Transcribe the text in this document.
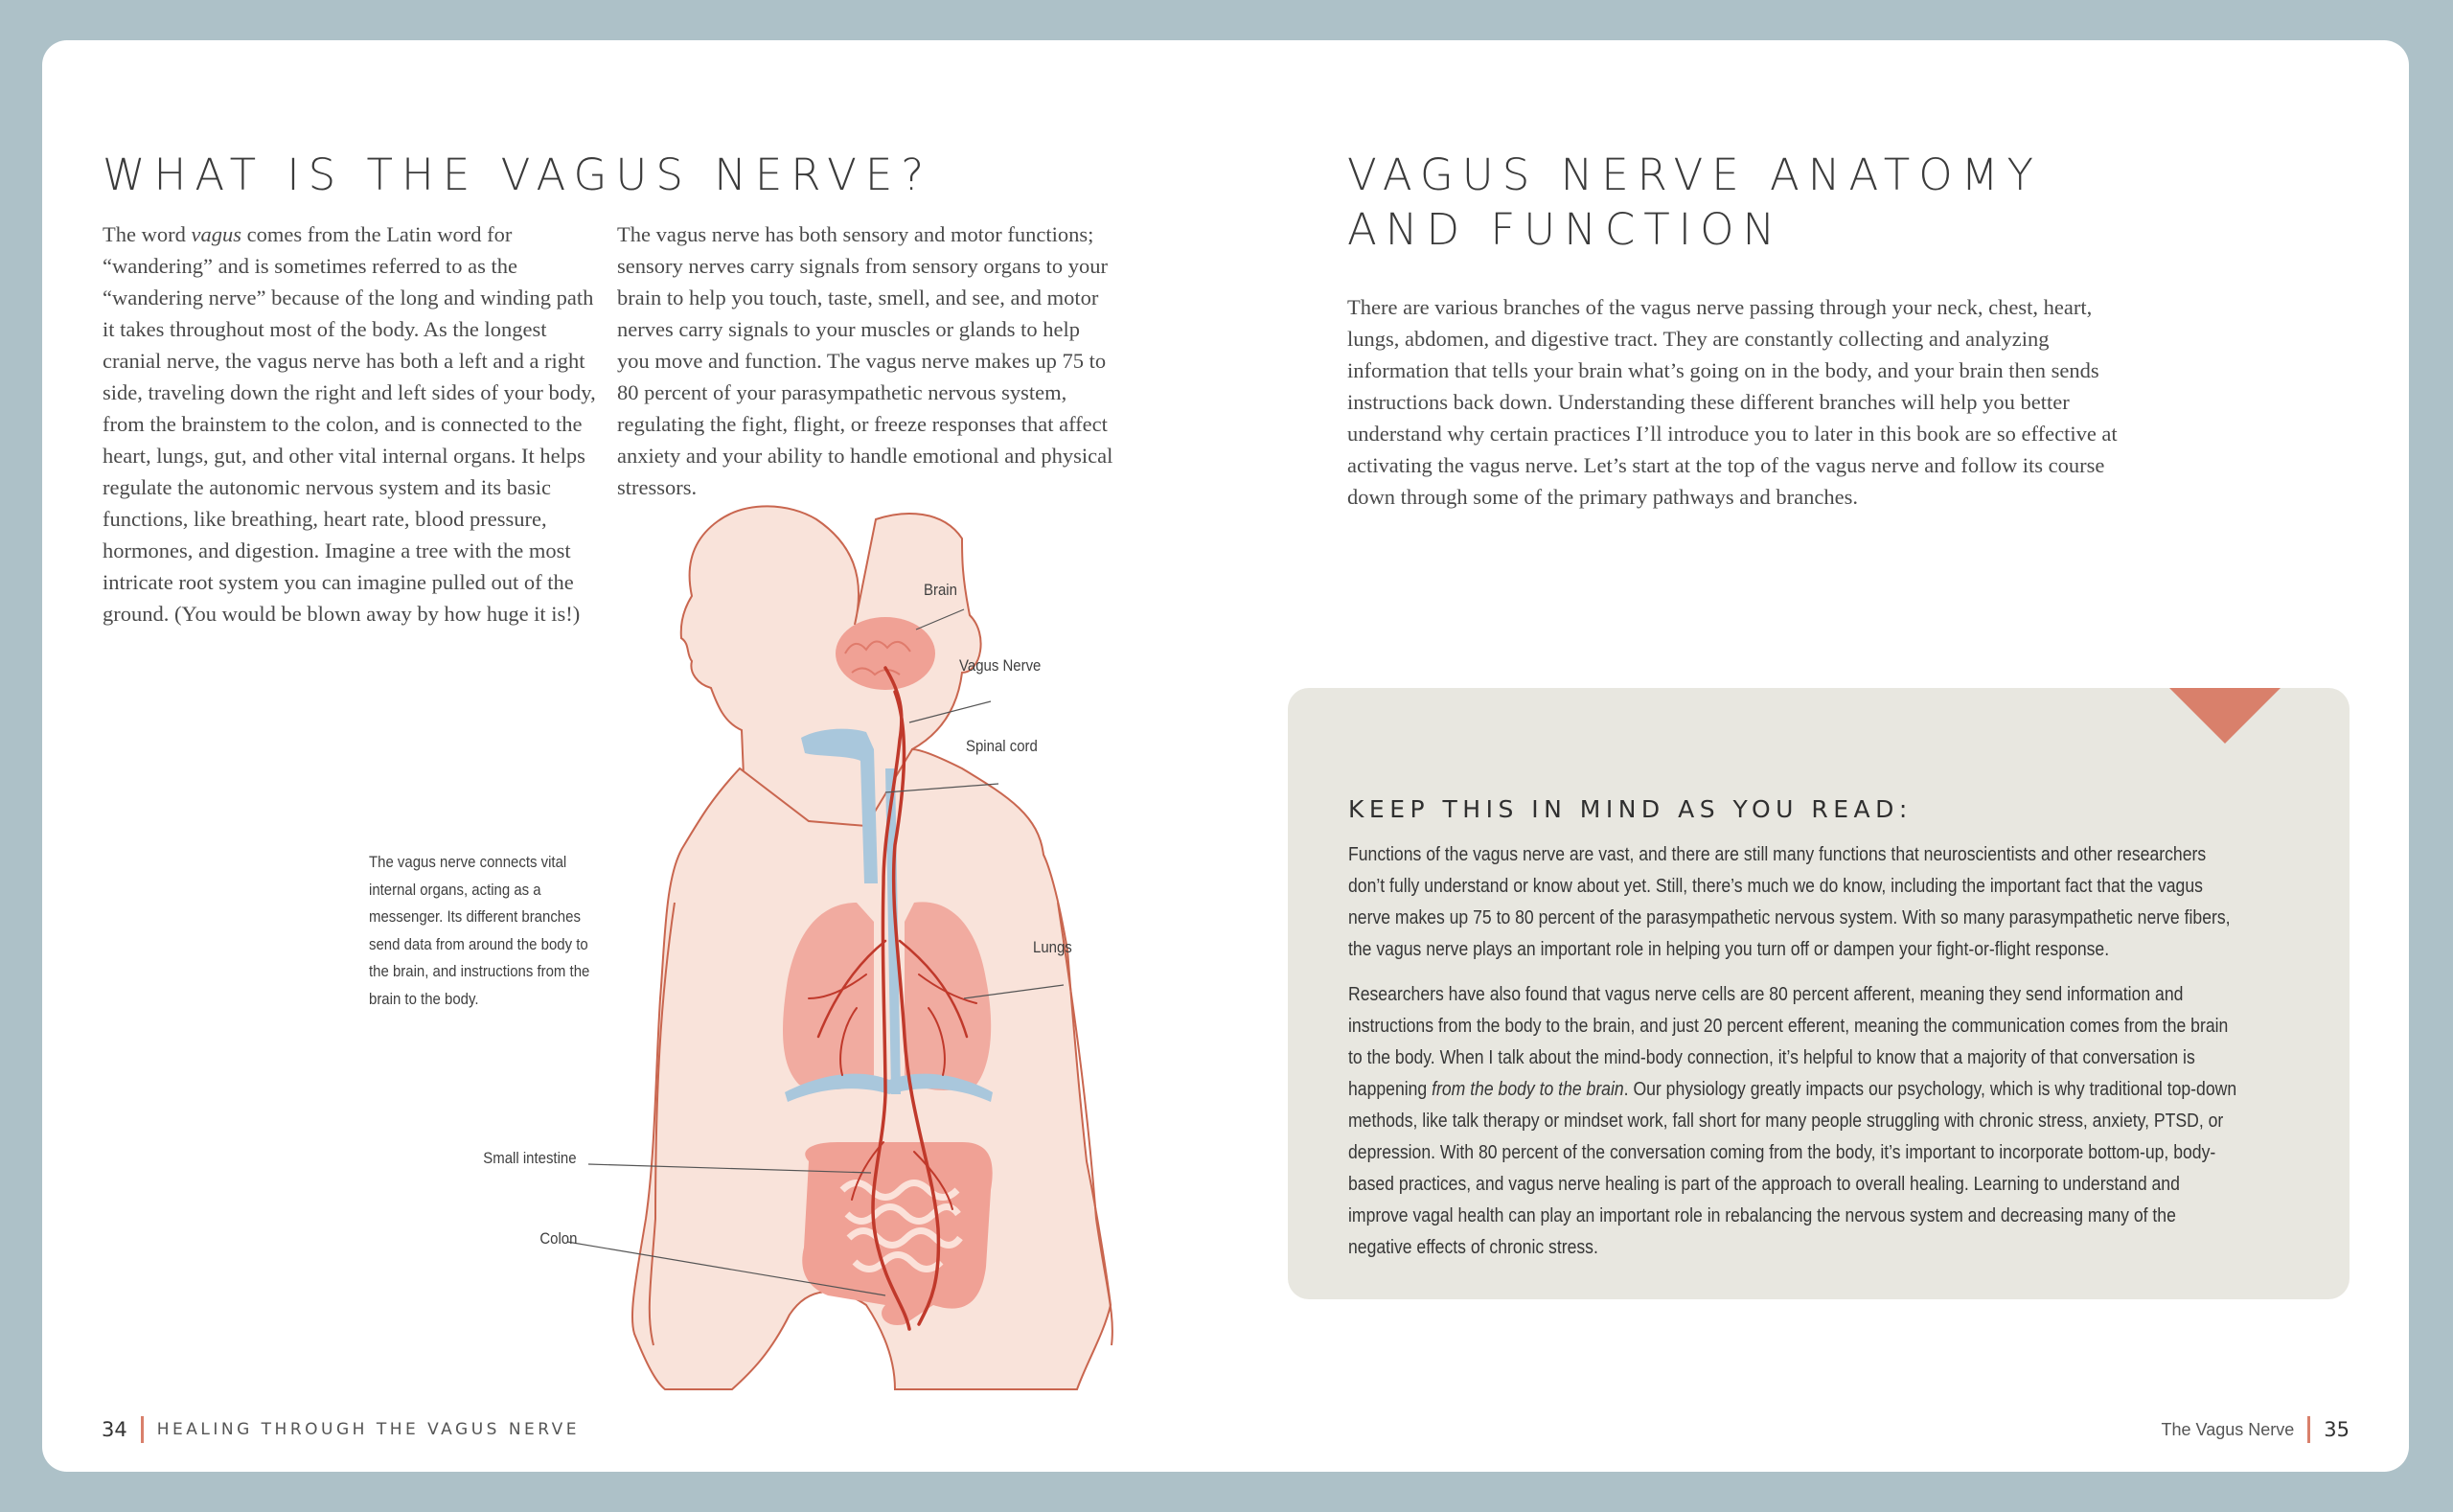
WHAT IS THE VAGUS NERVE?

The word vagus comes from the Latin word for “wandering” and is sometimes referred to as the “wandering nerve” because of the long and winding path it takes throughout most of the body. As the longest cranial nerve, the vagus nerve has both a left and a right side, traveling down the right and left sides of your body, from the brainstem to the colon, and is connected to the heart, lungs, gut, and other vital internal organs. It helps regulate the autonomic nervous system and its basic functions, like breathing, heart rate, blood pressure, hormones, and digestion. Imagine a tree with the most intricate root system you can imagine pulled out of the ground. (You would be blown away by how huge it is!)

The vagus nerve has both sensory and motor functions; sensory nerves carry signals from sensory organs to your brain to help you touch, taste, smell, and see, and motor nerves carry signals to your muscles or glands to help you move and function. The vagus nerve makes up 75 to 80 percent of your parasympathetic nervous system, regulating the fight, flight, or freeze responses that affect anxiety and your ability to handle emotional and physical stressors.

Brain
Vagus Nerve
Spinal cord
Lungs
Small intestine
Colon
The vagus nerve connects vital internal organs, acting as a messenger. Its different branches send data from around the body to the brain, and instructions from the brain to the body.
34 HEALING THROUGH THE VAGUS NERVE
VAGUS NERVE ANATOMY
AND FUNCTION

There are various branches of the vagus nerve passing through your neck, chest, heart, lungs, abdomen, and digestive tract. They are constantly collecting and analyzing information that tells your brain what’s going on in the body, and your brain then sends instructions back down. Understanding these different branches will help you better understand why certain practices I’ll introduce you to later in this book are so effective at activating the vagus nerve. Let’s start at the top of the vagus nerve and follow its course down through some of the primary pathways and branches.

KEEP THIS IN MIND AS YOU READ:

Functions of the vagus nerve are vast, and there are still many functions that neuroscientists and other researchers don’t fully understand or know about yet. Still, there’s much we do know, including the important fact that the vagus nerve makes up 75 to 80 percent of the parasympathetic nervous system. With so many parasympathetic nerve fibers, the vagus nerve plays an important role in helping you turn off or dampen your fight-or-flight response.

Researchers have also found that vagus nerve cells are 80 percent afferent, meaning they send information and instructions from the body to the brain, and just 20 percent efferent, meaning the communication comes from the brain to the body. When I talk about the mind-body connection, it’s helpful to know that a majority of that conversation is happening from the body to the brain. Our physiology greatly impacts our psychology, which is why traditional top-down methods, like talk therapy or mindset work, fall short for many people struggling with chronic stress, anxiety, PTSD, or depression. With 80 percent of the conversation coming from the body, it’s important to incorporate bottom-up, body-based practices, and vagus nerve healing is part of the approach to overall healing. Learning to understand and improve vagal health can play an important role in rebalancing the nervous system and decreasing many of the negative effects of chronic stress.

The Vagus Nerve 35
